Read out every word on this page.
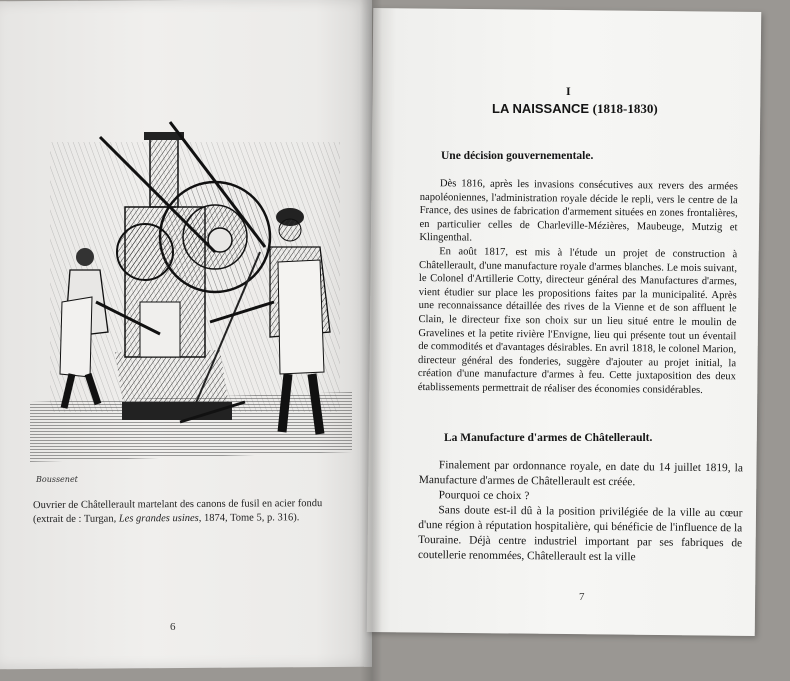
Boussenet
Ouvrier de Châtellerault martelant des canons de fusil en acier fondu (extrait de : Turgan, Les grandes usines, 1874, Tome 5, p. 316).
6
I
LA NAISSANCE (1818-1830)
Une décision gouvernementale.

Dès 1816, après les invasions consécutives aux revers des armées napoléoniennes, l'administration royale décide le repli, vers le centre de la France, des usines de fabrication d'armement situées en zones frontalières, en particulier celles de Charleville-Mézières, Maubeuge, Mutzig et Klingenthal.

En août 1817, est mis à l'étude un projet de construction à Châtellerault, d'une manufacture royale d'armes blanches. Le mois suivant, le Colonel d'Artillerie Cotty, directeur général des Manufactures d'armes, vient étudier sur place les propositions faites par la municipalité. Après une reconnaissance détaillée des rives de la Vienne et de son affluent le Clain, le directeur fixe son choix sur un lieu situé entre le moulin de Gravelines et la petite rivière l'Envigne, lieu qui présente tout un éventail de commodités et d'avantages désirables. En avril 1818, le colonel Marion, directeur général des fonderies, suggère d'ajouter au projet initial, la création d'une manufacture d'armes à feu. Cette juxtaposition des deux établissements permettrait de réaliser des économies considérables.

La Manufacture d'armes de Châtellerault.

Finalement par ordonnance royale, en date du 14 juillet 1819, la Manufacture d'armes de Châtellerault est créée.

Pourquoi ce choix ?

Sans doute est-il dû à la position privilégiée de la ville au cœur d'une région à réputation hospitalière, qui bénéficie de l'influence de la Touraine. Déjà centre industriel important par ses fabriques de coutellerie renommées, Châtellerault est la ville

7
